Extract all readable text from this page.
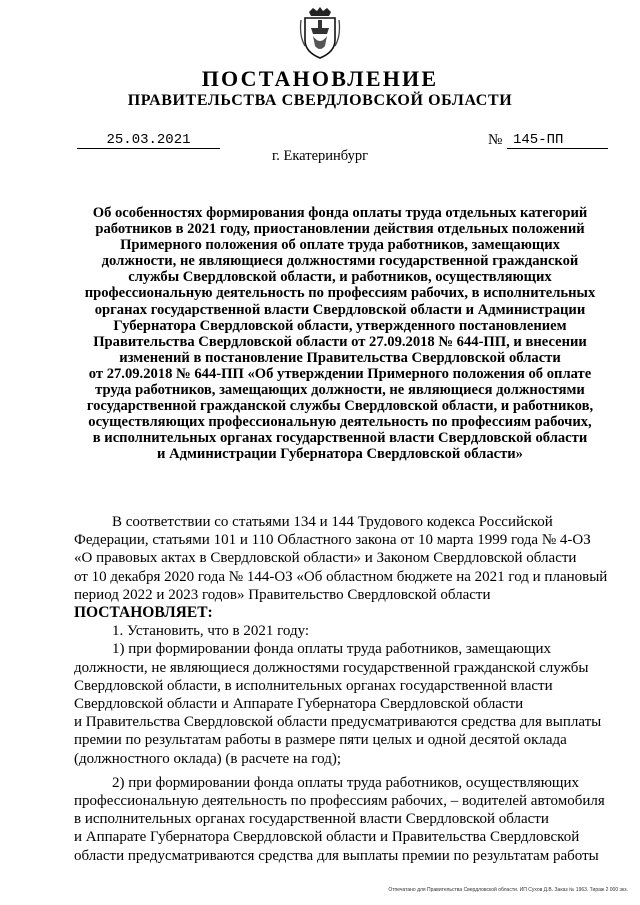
ПОСТАНОВЛЕНИЕ
ПРАВИТЕЛЬСТВА СВЕРДЛОВСКОЙ ОБЛАСТИ
25.03.2021	№ 145-ПП
г. Екатеринбург
Об особенностях формирования фонда оплаты труда отдельных категорий
работников в 2021 году, приостановлении действия отдельных положений
Примерного положения об оплате труда работников, замещающих
должности, не являющиеся должностями государственной гражданской
службы Свердловской области, и работников, осуществляющих
профессиональную деятельность по профессиям рабочих, в исполнительных
органах государственной власти Свердловской области и Администрации
Губернатора Свердловской области, утвержденного постановлением
Правительства Свердловской области от 27.09.2018 № 644-ПП, и внесении
изменений в постановление Правительства Свердловской области
от 27.09.2018 № 644-ПП «Об утверждении Примерного положения об оплате
труда работников, замещающих должности, не являющиеся должностями
государственной гражданской службы Свердловской области, и работников,
осуществляющих профессиональную деятельность по профессиям рабочих,
в исполнительных органах государственной власти Свердловской области
и Администрации Губернатора Свердловской области»
В соответствии со статьями 134 и 144 Трудового кодекса Российской
Федерации, статьями 101 и 110 Областного закона от 10 марта 1999 года № 4-ОЗ
«О правовых актах в Свердловской области» и Законом Свердловской области
от 10 декабря 2020 года № 144-ОЗ «Об областном бюджете на 2021 год и плановый
период 2022 и 2023 годов» Правительство Свердловской области
ПОСТАНОВЛЯЕТ:
1. Установить, что в 2021 году:
1) при формировании фонда оплаты труда работников, замещающих
должности, не являющиеся должностями государственной гражданской службы
Свердловской области, в исполнительных органах государственной власти
Свердловской области и Аппарате Губернатора Свердловской области
и Правительства Свердловской области предусматриваются средства для выплаты
премии по результатам работы в размере пяти целых и одной десятой оклада
(должностного оклада) (в расчете на год);
2) при формировании фонда оплаты труда работников, осуществляющих
профессиональную деятельность по профессиям рабочих, – водителей автомобиля
в исполнительных органах государственной власти Свердловской области
и Аппарате Губернатора Свердловской области и Правительства Свердловской
области предусматриваются средства для выплаты премии по результатам работы
Отпечатано для Правительства Свердловской области. ИП Сухов Д.В. Заказ № 1963. Тираж 2 000 экз.
